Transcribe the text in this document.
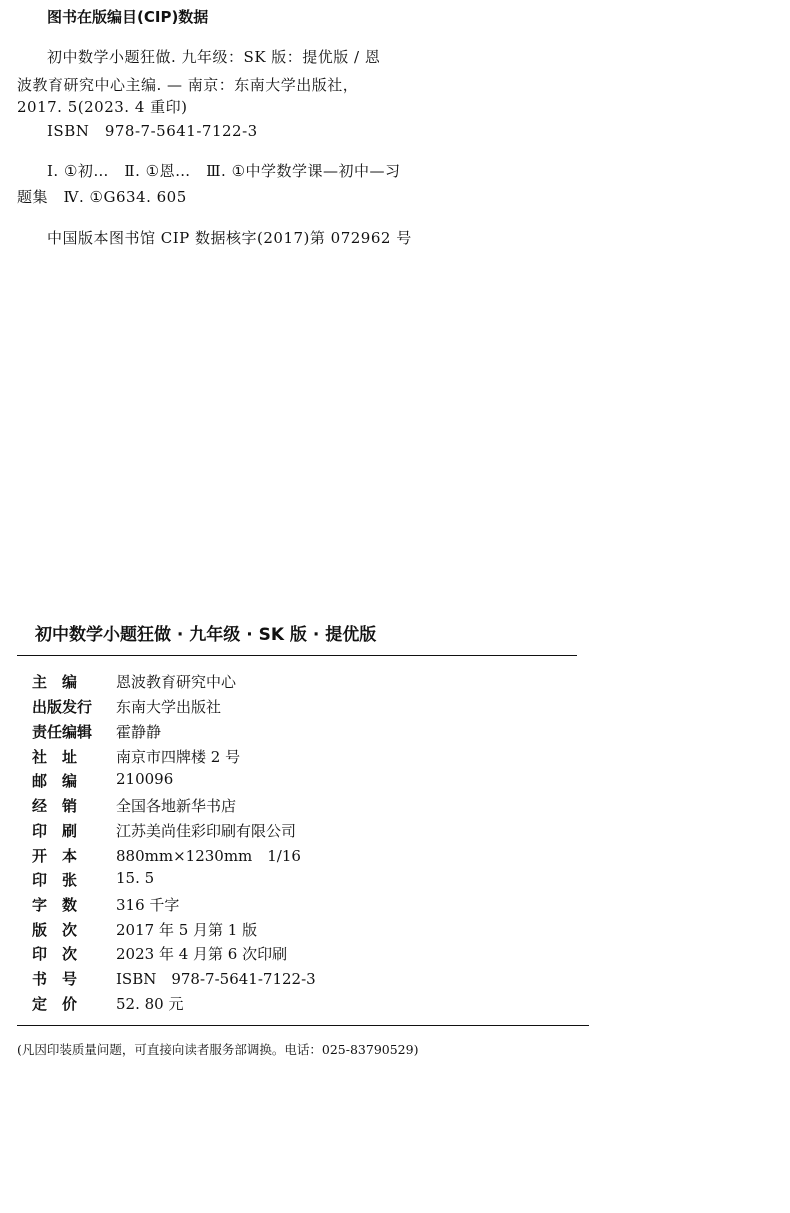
图书在版编目(CIP)数据
初中数学小题狂做. 九年级：SK 版：提优版 / 恩
波教育研究中心主编. — 南京：东南大学出版社，
2017. 5(2023. 4 重印)
ISBN　978-7-5641-7122-3
Ⅰ. ①初…　Ⅱ. ①恩…　Ⅲ. ①中学数学课—初中—习
题集　Ⅳ. ①G634. 605
中国版本图书馆 CIP 数据核字(2017)第 072962 号
初中数学小题狂做 · 九年级 · SK 版 · 提优版
主　编	恩波教育研究中心
出版发行	东南大学出版社
责任编辑	霍静静
社　址	南京市四牌楼 2 号
邮　编	210096
经　销	全国各地新华书店
印　刷	江苏美尚佳彩印刷有限公司
开　本	880mm×1230mm　1/16
印　张	15. 5
字　数	316 千字
版　次	2017 年 5 月第 1 版
印　次	2023 年 4 月第 6 次印刷
书　号	ISBN　978-7-5641-7122-3
定　价	52. 80 元
(凡因印装质量问题，可直接向读者服务部调换。电话：025-83790529)
